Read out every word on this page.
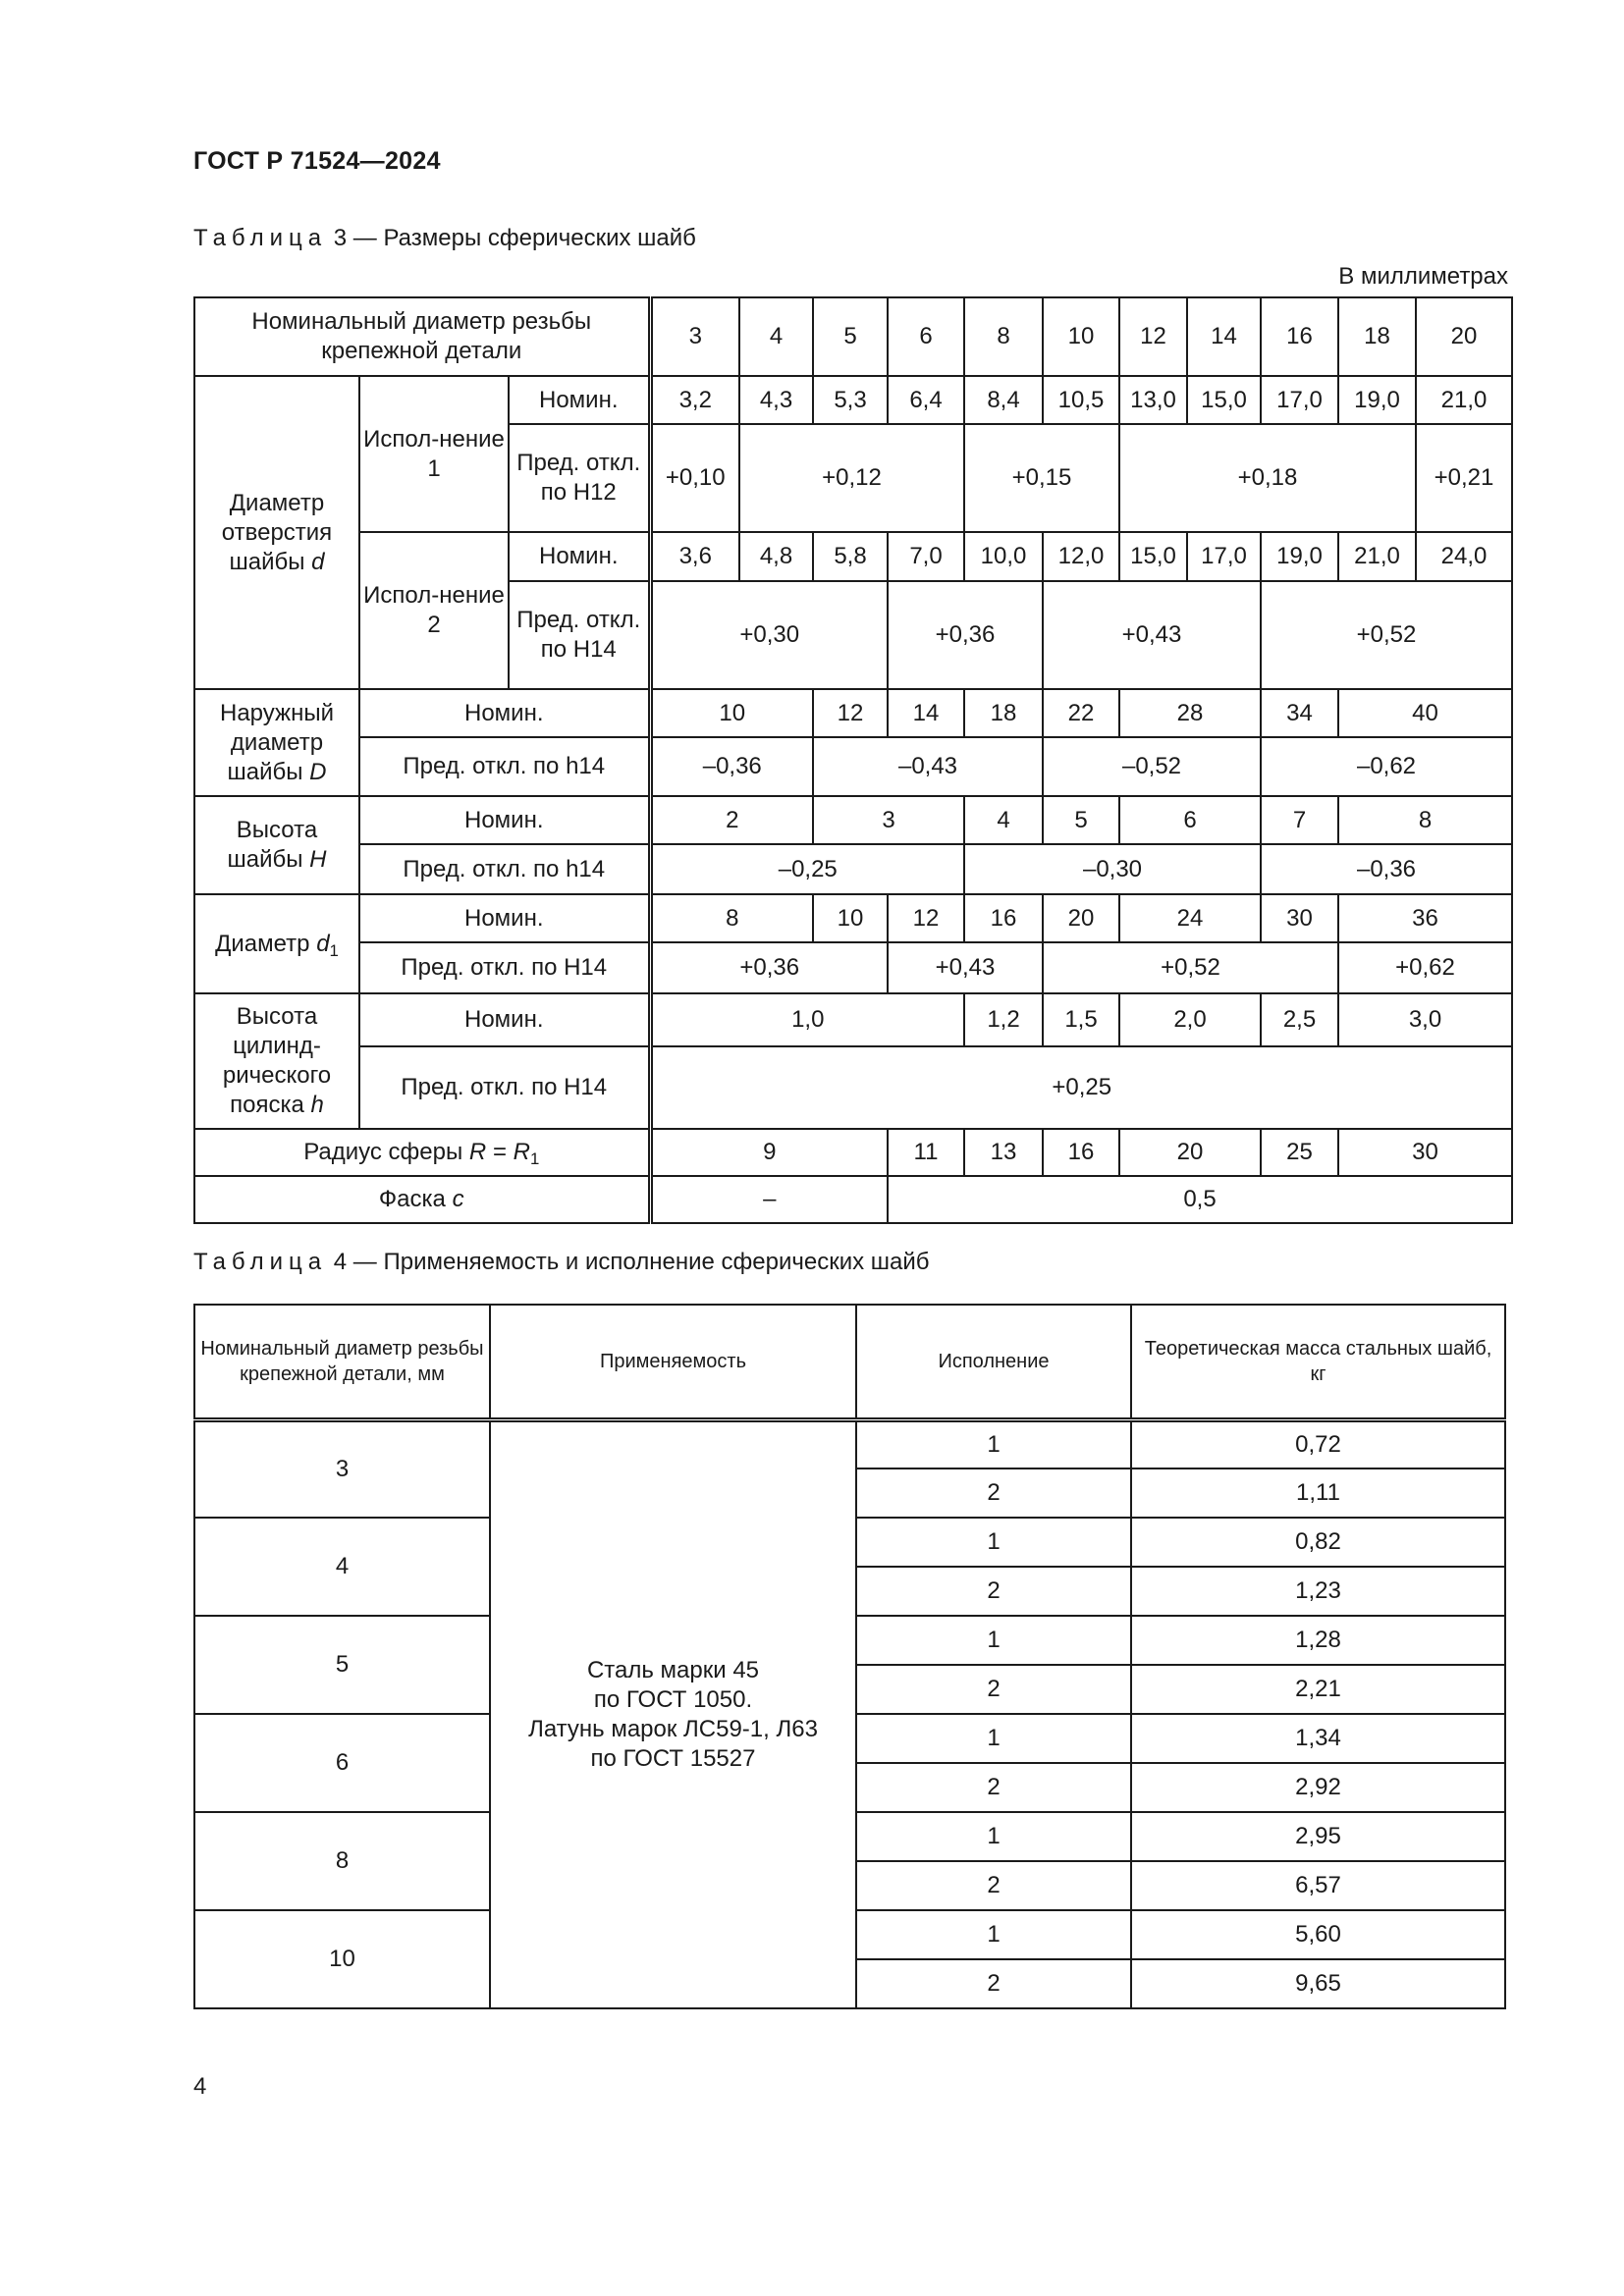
ГОСТ Р 71524—2024
Таблица 3 — Размеры сферических шайб
В миллиметрах
Номинальный диаметр резьбы крепежной детали			3	4	5	6	8	10	12	14	16	18	20
Диаметр отверстия шайбы d	Испол-нение 1	Номин.	3,2	4,3	5,3	6,4	8,4	10,5	13,0	15,0	17,0	19,0	21,0
		Пред. откл. по H12	+0,10	+0,12			+0,15		+0,18				+0,21
	Испол-нение 2	Номин.	3,6	4,8	5,8	7,0	10,0	12,0	15,0	17,0	19,0	21,0	24,0
		Пред. откл. по H14	+0,30			+0,36		+0,43			+0,52		
Наружный диаметр шайбы D	Номин.		10		12	14	18	22	28		34	40	
	Пред. откл. по h14		–0,36		–0,43			–0,52			–0,62		
Высота шайбы H	Номин.		2		3		4	5	6		7	8	
	Пред. откл. по h14		–0,25				–0,30				–0,36		
Диаметр $d_1$	Номин.		8		10	12	16	20	24		30	36	
	Пред. откл. по H14		+0,36			+0,43		+0,52				+0,62	
Высота цилинд-рического пояска h	Номин.		1,0				1,2	1,5	2,0		2,5	3,0	
	Пред. откл. по H14		+0,25										
Радиус сферы $R = R_1$			9			11	13	16	20		25	30	
Фаска c			–			0,5							
Таблица 4 — Применяемость и исполнение сферических шайб
Номинальный диаметр резьбы крепежной детали, мм	Применяемость	Исполнение	Теоретическая масса стальных шайб, кг
3	Сталь марки 45
по ГОСТ 1050.
Латунь марок ЛС59-1, Л63
по ГОСТ 15527	1	0,72
		2	1,11
4		1	0,82
		2	1,23
5		1	1,28
		2	2,21
6		1	1,34
		2	2,92
8		1	2,95
		2	6,57
10		1	5,60
		2	9,65
4
